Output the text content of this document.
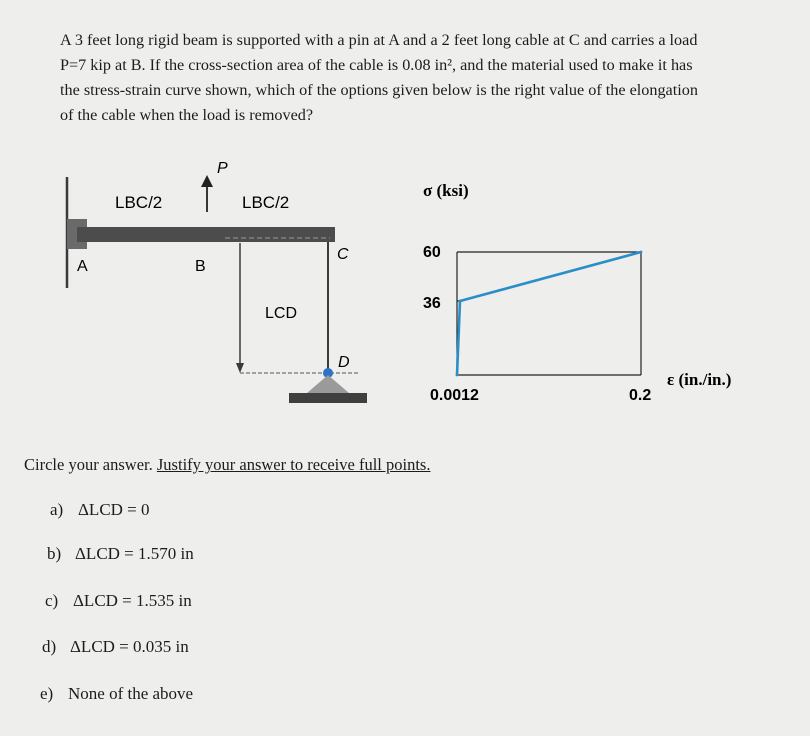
A 3 feet long rigid beam is supported with a pin at A and a 2 feet long cable at C and carries a load

P=7 kip at B. If the cross-section area of the cable is 0.08 in², and the material used to make it has

the stress-strain curve shown, which of the options given below is the right value of the elongation

of the cable when the load is removed?

P
LBC/2	LBC/2
A	B
C
D
LCD
σ (ksi)
60
36
0.0012	0.2
ε (in./in.)
Circle your answer. Justify your answer to receive full points.
a) ΔLCD = 0
b) ΔLCD = 1.570 in
c) ΔLCD = 1.535 in
d) ΔLCD = 0.035 in
e) None of the above
